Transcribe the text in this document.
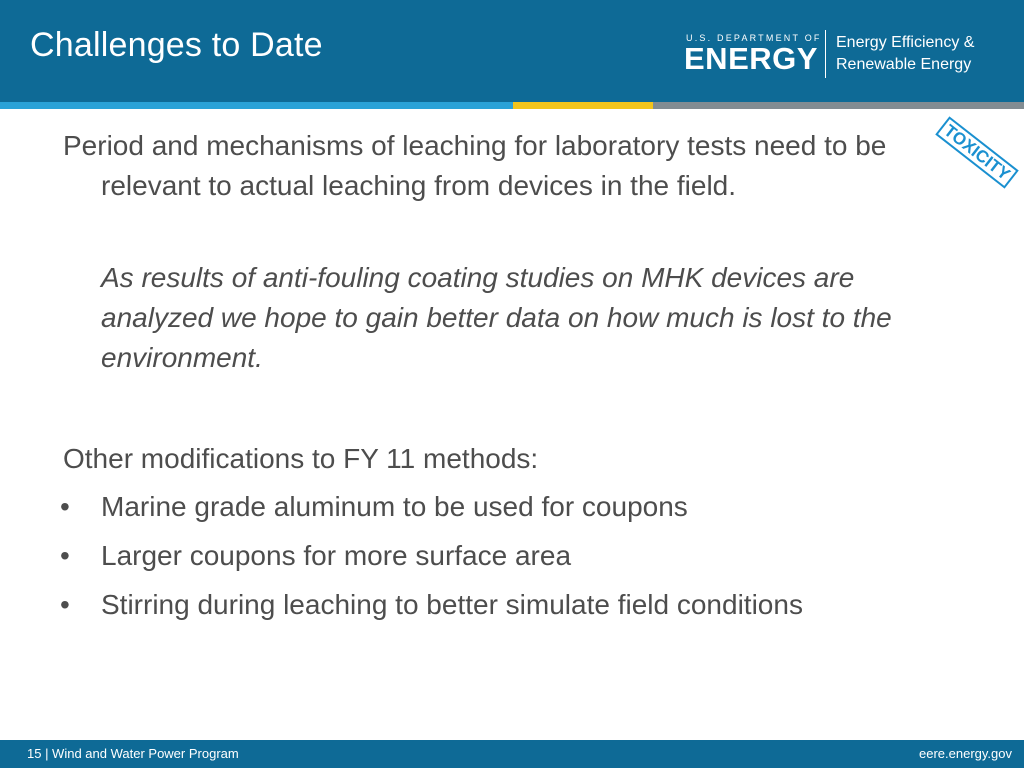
Challenges to Date	U.S. DEPARTMENT OF
ENERGY Energy Efficiency &
Renewable Energy
TOXICITY
Period and mechanisms of leaching for laboratory tests need to be relevant to actual leaching from devices in the field.
As results of anti-fouling coating studies on MHK devices are analyzed we hope to gain better data on how much is lost to the environment.
Other modifications to FY 11 methods:
• Marine grade aluminum to be used for coupons
• Larger coupons for more surface area
• Stirring during leaching to better simulate field conditions
15 | Wind and Water Power Program	eere.energy.gov
